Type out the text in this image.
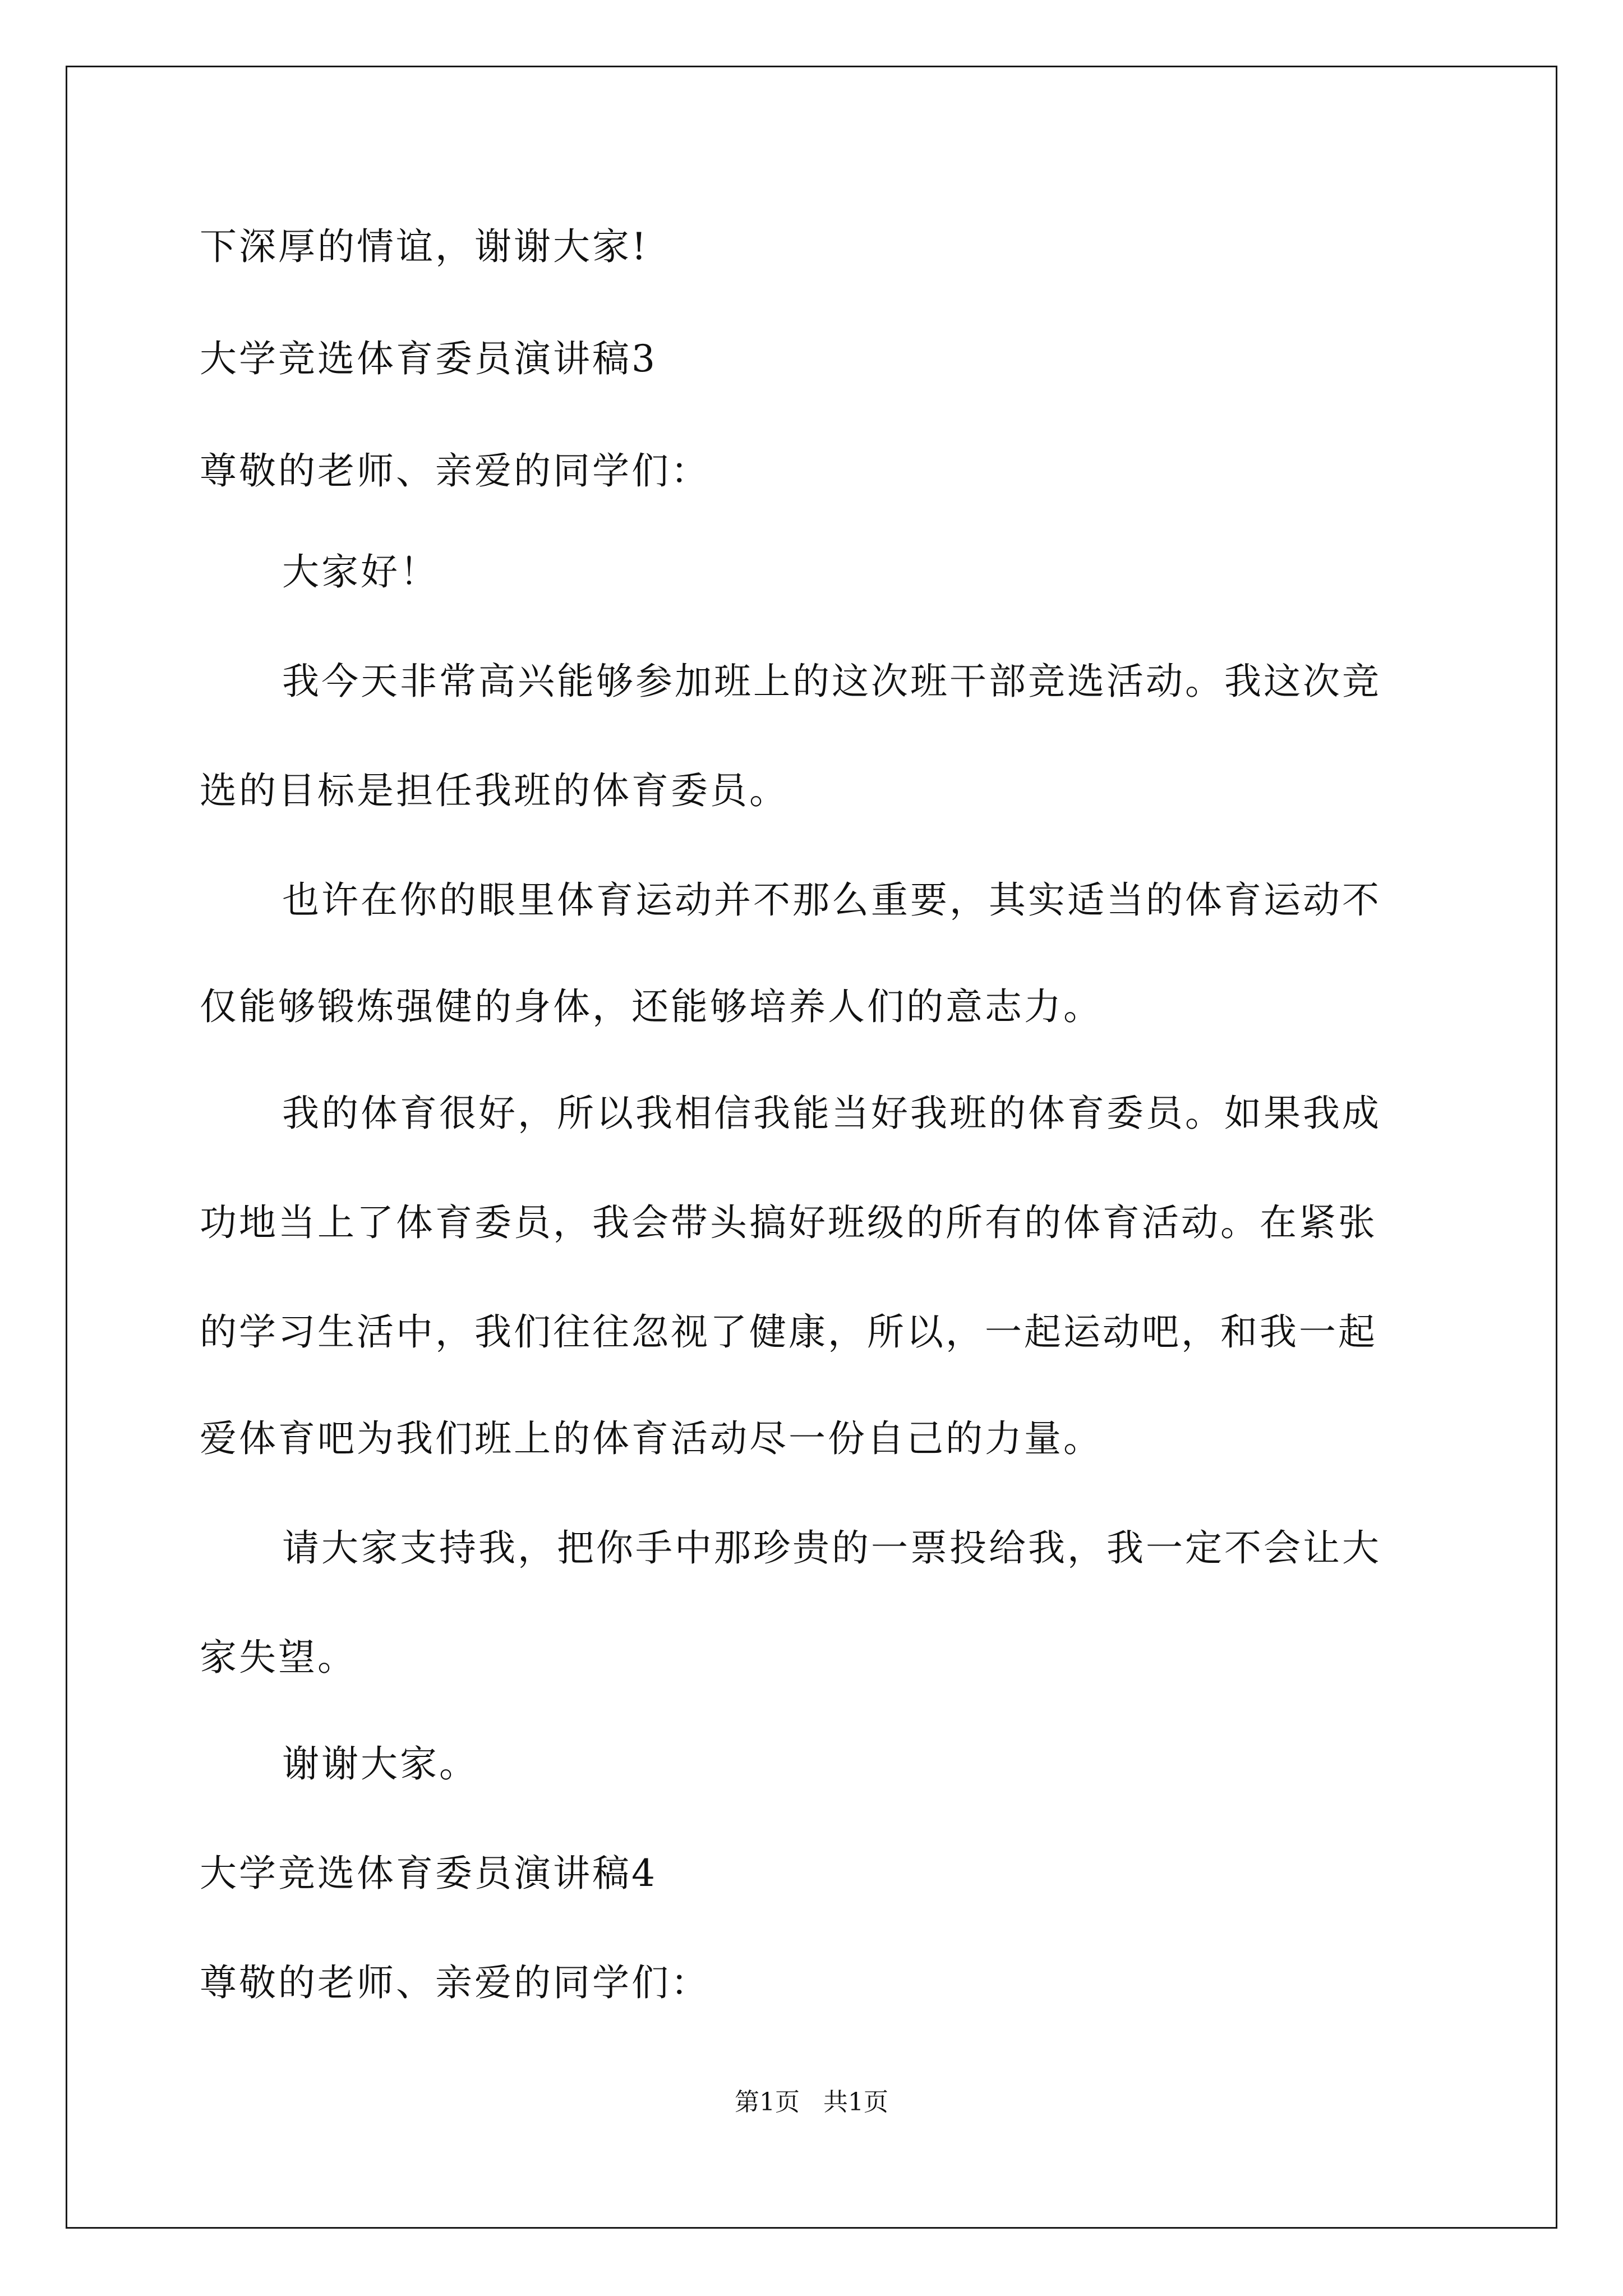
下深厚的情谊，谢谢大家!
大学竞选体育委员演讲稿3
尊敬的老师、亲爱的同学们：
大家好！
我今天非常高兴能够参加班上的这次班干部竞选活动。我这次竞
选的目标是担任我班的体育委员。
也许在你的眼里体育运动并不那么重要，其实适当的体育运动不
仅能够锻炼强健的身体，还能够培养人们的意志力。
我的体育很好，所以我相信我能当好我班的体育委员。如果我成
功地当上了体育委员，我会带头搞好班级的所有的体育活动。在紧张
的学习生活中，我们往往忽视了健康，所以，一起运动吧，和我一起
爱体育吧为我们班上的体育活动尽一份自己的力量。
请大家支持我，把你手中那珍贵的一票投给我，我一定不会让大
家失望。
谢谢大家。
大学竞选体育委员演讲稿4
尊敬的老师、亲爱的同学们：
第1页   共1页
